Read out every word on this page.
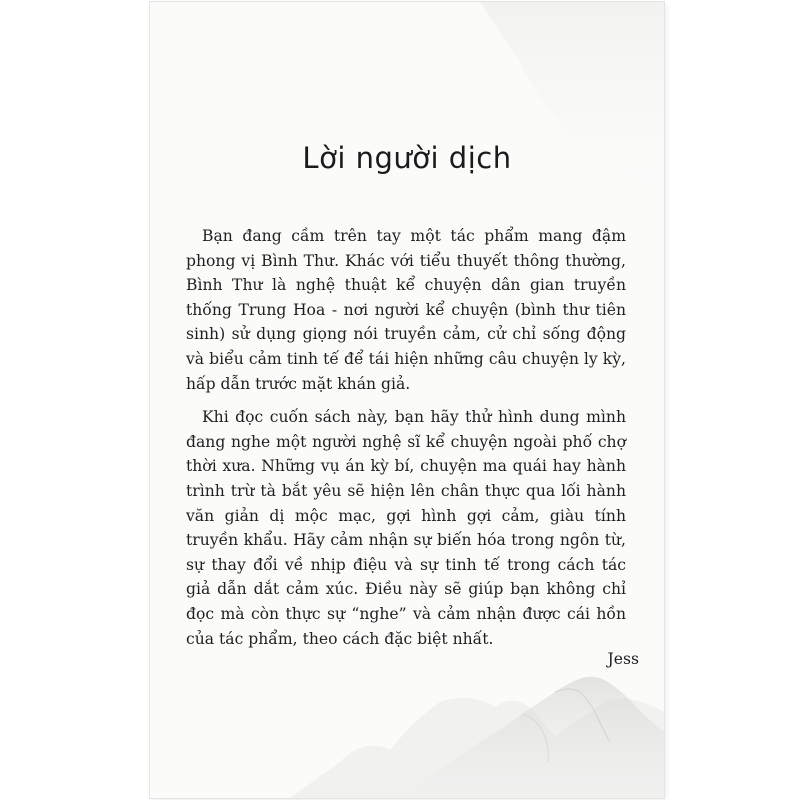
Lời người dịch

Bạn đang cầm trên tay một tác phẩm mang đậm phong vị Bình Thư. Khác với tiểu thuyết thông thường, Bình Thư là nghệ thuật kể chuyện dân gian truyền thống Trung Hoa - nơi người kể chuyện (bình thư tiên sinh) sử dụng giọng nói truyền cảm, cử chỉ sống động và biểu cảm tinh tế để tái hiện những câu chuyện ly kỳ, hấp dẫn trước mặt khán giả.

Khi đọc cuốn sách này, bạn hãy thử hình dung mình đang nghe một người nghệ sĩ kể chuyện ngoài phố chợ thời xưa. Những vụ án kỳ bí, chuyện ma quái hay hành trình trừ tà bắt yêu sẽ hiện lên chân thực qua lối hành văn giản dị mộc mạc, gợi hình gợi cảm, giàu tính truyền khẩu. Hãy cảm nhận sự biến hóa trong ngôn từ, sự thay đổi về nhịp điệu và sự tinh tế trong cách tác giả dẫn dắt cảm xúc. Điều này sẽ giúp bạn không chỉ đọc mà còn thực sự “nghe” và cảm nhận được cái hồn của tác phẩm, theo cách đặc biệt nhất.

Jess
